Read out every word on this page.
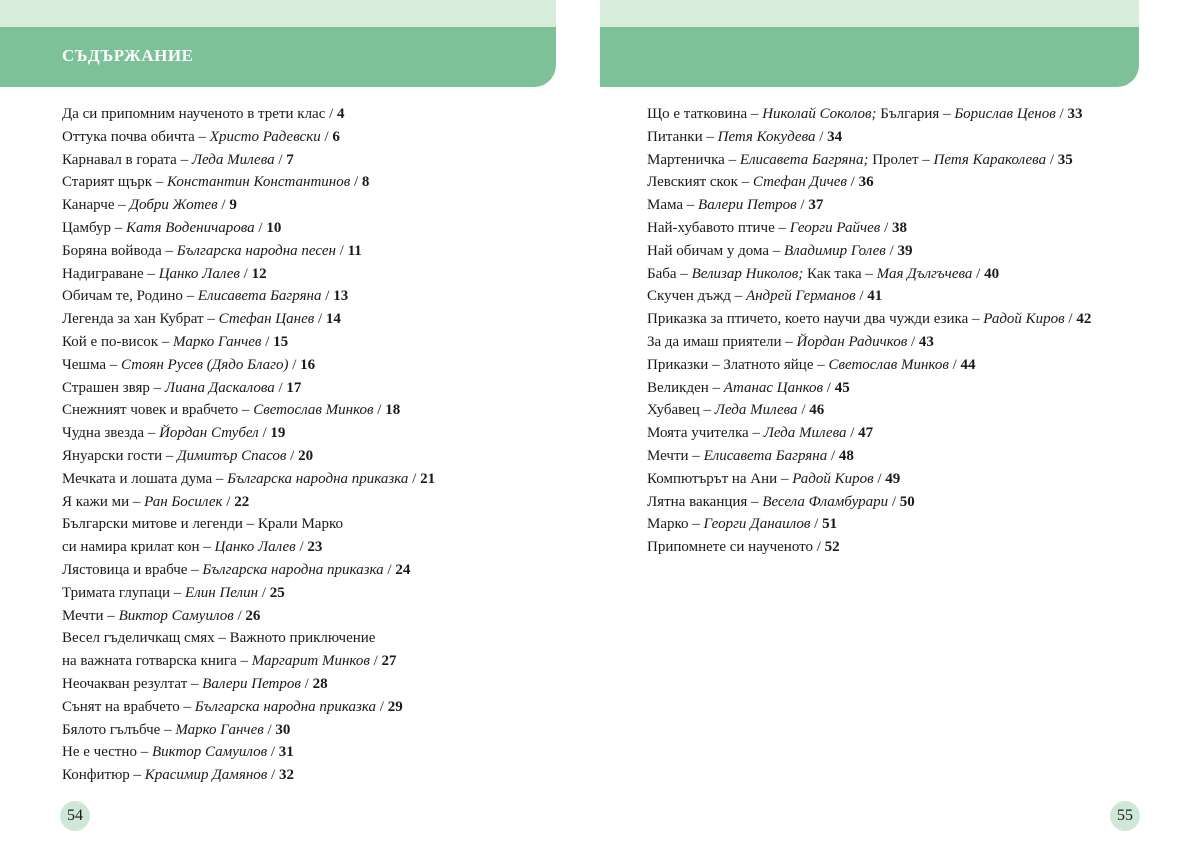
СЪДЪРЖАНИЕ
Да си припомним наученото в трети клас / 4
Оттука почва обичта – Христо Радевски / 6
Карнавал в гората – Леда Милева / 7
Старият щърк – Константин Константинов / 8
Канарче – Добри Жотев / 9
Цамбур – Катя Воденичарова / 10
Боряна войвода – Българска народна песен / 11
Надиграване – Цанко Лалев / 12
Обичам те, Родино – Елисавета Багряна / 13
Легенда за хан Кубрат – Стефан Цанев / 14
Кой е по-висок – Марко Ганчев / 15
Чешма – Стоян Русев (Дядо Благо) / 16
Страшен звяр – Лиана Даскалова / 17
Снежният човек и врабчето – Светослав Минков / 18
Чудна звезда – Йордан Стубел / 19
Януарски гости – Димитър Спасов / 20
Мечката и лошата дума – Българска народна приказка / 21
Я кажи ми – Ран Босилек / 22
Български митове и легенди – Крали Марко
си намира крилат кон – Цанко Лалев / 23
Лястовица и врабче – Българска народна приказка / 24
Тримата глупаци – Елин Пелин / 25
Мечти – Виктор Самуилов / 26
Весел гъделичкащ смях – Важното приключение
на важната готварска книга – Маргарит Минков / 27
Неочакван резултат – Валери Петров / 28
Сънят на врабчето – Българска народна приказка / 29
Бялото гълъбче – Марко Ганчев / 30
Не е честно – Виктор Самуилов / 31
Конфитюр – Красимир Дамянов / 32
54
Що е татковина – Николай Соколов; България – Борислав Ценов / 33
Питанки – Петя Кокудева / 34
Мартеничка – Елисавета Багряна; Пролет – Петя Караколева / 35
Левският скок – Стефан Дичев / 36
Мама – Валери Петров / 37
Най-хубавото птиче – Георги Райчев / 38
Най обичам у дома – Владимир Голев / 39
Баба – Велизар Николов; Как така – Мая Дългъчева / 40
Скучен дъжд – Андрей Германов / 41
Приказка за птичето, което научи два чужди езика – Радой Киров / 42
За да имаш приятели – Йордан Радичков / 43
Приказки – Златното яйце – Светослав Минков / 44
Великден – Атанас Цанков / 45
Хубавец – Леда Милева / 46
Моята учителка – Леда Милева / 47
Мечти – Елисавета Багряна / 48
Компютърът на Ани – Радой Киров / 49
Лятна ваканция – Весела Фламбурари / 50
Марко – Георги Данаилов / 51
Припомнете си наученото / 52
55
